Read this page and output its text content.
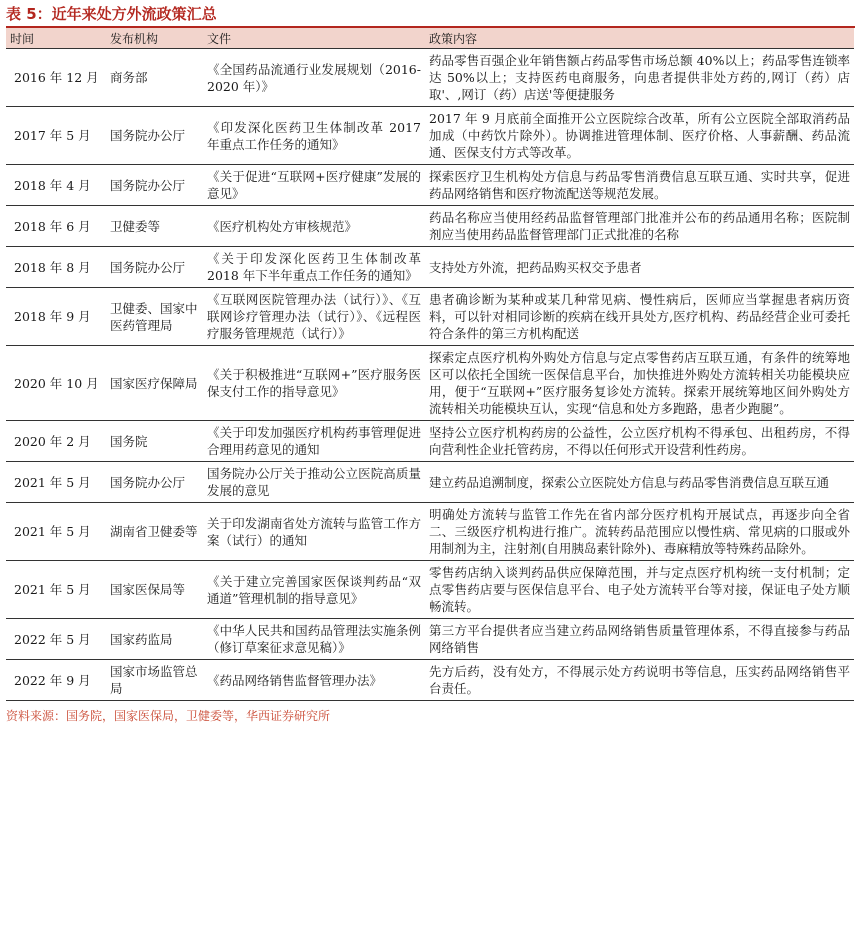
表 5：近年来处方外流政策汇总
时间	发布机构	文件	政策内容
2016 年 12 月	商务部	《全国药品流通行业发展规划（2016-2020 年）》	药品零售百强企业年销售额占药品零售市场总额 40%以上；药品零售连锁率达 50%以上；支持医药电商服务，向患者提供非处方药的,网订（药）店取'、,网订（药）店送'等便捷服务
2017 年 5 月	国务院办公厅	《印发深化医药卫生体制改革 2017 年重点工作任务的通知》	2017 年 9 月底前全面推开公立医院综合改革，所有公立医院全部取消药品加成（中药饮片除外）。协调推进管理体制、医疗价格、人事薪酬、药品流通、医保支付方式等改革。
2018 年 4 月	国务院办公厅	《关于促进“互联网+医疗健康”发展的意见》	探索医疗卫生机构处方信息与药品零售消费信息互联互通、实时共享，促进药品网络销售和医疗物流配送等规范发展。
2018 年 6 月	卫健委等	《医疗机构处方审核规范》	药品名称应当使用经药品监督管理部门批准并公布的药品通用名称；医院制剂应当使用药品监督管理部门正式批准的名称
2018 年 8 月	国务院办公厅	《关于印发深化医药卫生体制改革 2018 年下半年重点工作任务的通知》	支持处方外流，把药品购买权交予患者
2018 年 9 月	卫健委、国家中医药管理局	《互联网医院管理办法（试行）》、《互联网诊疗管理办法（试行）》、《远程医疗服务管理规范（试行）》	患者确诊断为某种或某几种常见病、慢性病后，医师应当掌握患者病历资料，可以针对相同诊断的疾病在线开具处方,医疗机构、药品经营企业可委托符合条件的第三方机构配送
2020 年 10 月	国家医疗保障局	《关于积极推进“互联网+”医疗服务医保支付工作的指导意见》	探索定点医疗机构外购处方信息与定点零售药店互联互通，有条件的统筹地区可以依托全国统一医保信息平台，加快推进外购处方流转相关功能模块应用，便于“互联网+”医疗服务复诊处方流转。探索开展统筹地区间外购处方流转相关功能模块互认，实现“信息和处方多跑路，患者少跑腿”。
2020 年 2 月	国务院	《关于印发加强医疗机构药事管理促进合理用药意见的通知	坚持公立医疗机构药房的公益性，公立医疗机构不得承包、出租药房，不得向营利性企业托管药房，不得以任何形式开设营利性药房。
2021 年 5 月	国务院办公厅	国务院办公厅关于推动公立医院高质量发展的意见	建立药品追溯制度，探索公立医院处方信息与药品零售消费信息互联互通
2021 年 5 月	湖南省卫健委等	关于印发湖南省处方流转与监管工作方案（试行）的通知	明确处方流转与监管工作先在省内部分医疗机构开展试点，再逐步向全省二、三级医疗机构进行推广。流转药品范围应以慢性病、常见病的口服或外用制剂为主，注射剂(自用胰岛素针除外)、毒麻精放等特殊药品除外。
2021 年 5 月	国家医保局等	《关于建立完善国家医保谈判药品“双通道”管理机制的指导意见》	零售药店纳入谈判药品供应保障范围，并与定点医疗机构统一支付机制；定点零售药店要与医保信息平台、电子处方流转平台等对接，保证电子处方顺畅流转。
2022 年 5 月	国家药监局	《中华人民共和国药品管理法实施条例（修订草案征求意见稿）》	第三方平台提供者应当建立药品网络销售质量管理体系，不得直接参与药品网络销售
2022 年 9 月	国家市场监管总局	《药品网络销售监督管理办法》	先方后药，没有处方，不得展示处方药说明书等信息，压实药品网络销售平台责任。
资料来源：国务院，国家医保局，卫健委等，华西证券研究所
